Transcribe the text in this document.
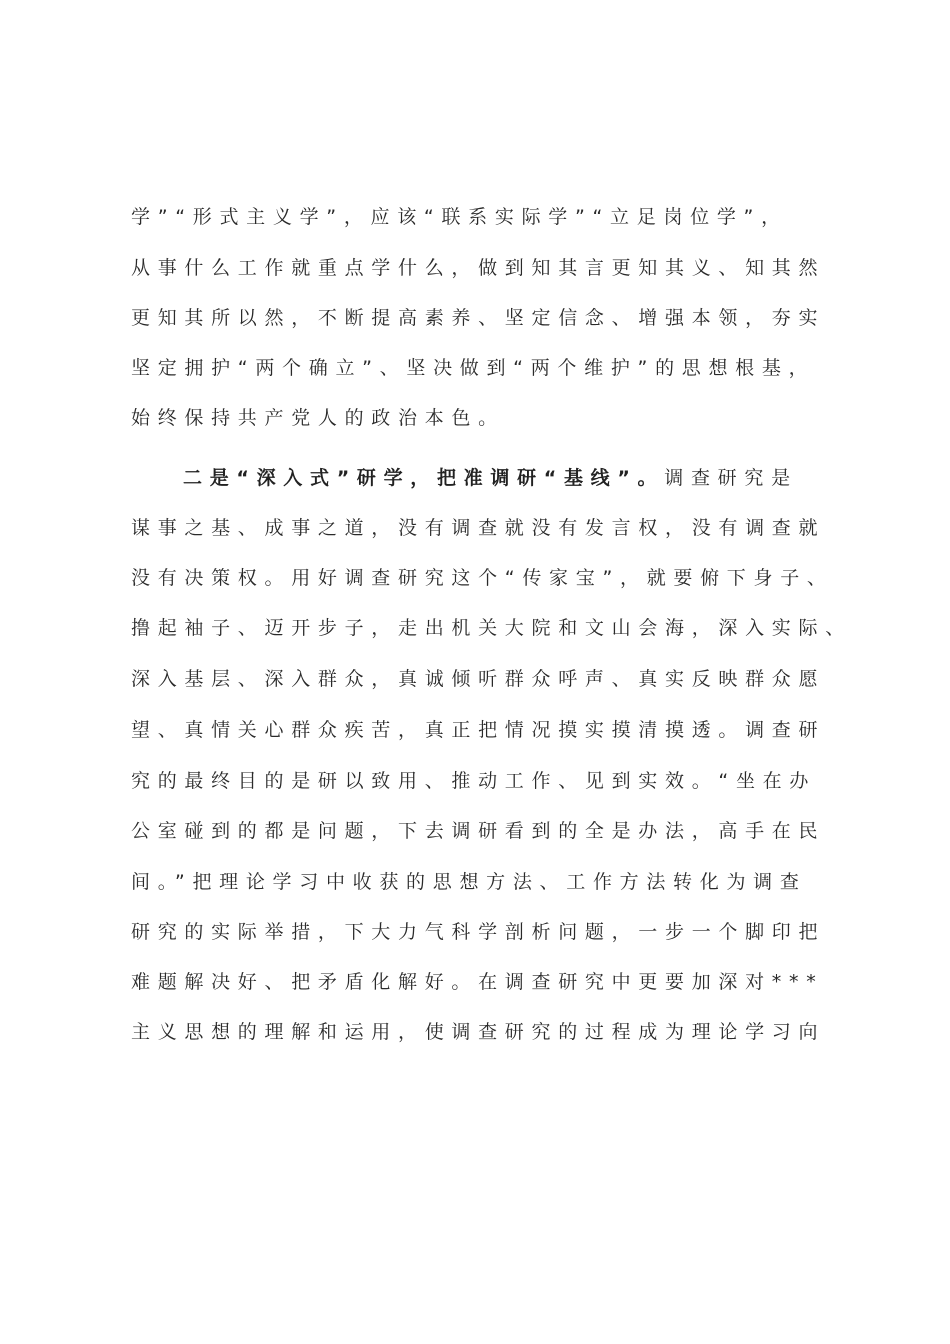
学”“形式主义学”，应该“联系实际学”“立足岗位学”，
从事什么工作就重点学什么，做到知其言更知其义、知其然
更知其所以然，不断提高素养、坚定信念、增强本领，夯实
坚定拥护“两个确立”、坚决做到“两个维护”的思想根基，
始终保持共产党人的政治本色。
二是“深入式”研学，把准调研“基线”。调查研究是
谋事之基、成事之道，没有调查就没有发言权，没有调查就
没有决策权。用好调查研究这个“传家宝”，就要俯下身子、
撸起袖子、迈开步子，走出机关大院和文山会海，深入实际、
深入基层、深入群众，真诚倾听群众呼声、真实反映群众愿
望、真情关心群众疾苦，真正把情况摸实摸清摸透。调查研
究的最终目的是研以致用、推动工作、见到实效。“坐在办
公室碰到的都是问题，下去调研看到的全是办法，高手在民
间。”把理论学习中收获的思想方法、工作方法转化为调查
研究的实际举措，下大力气科学剖析问题，一步一个脚印把
难题解决好、把矛盾化解好。在调查研究中更要加深对***
主义思想的理解和运用，使调查研究的过程成为理论学习向
